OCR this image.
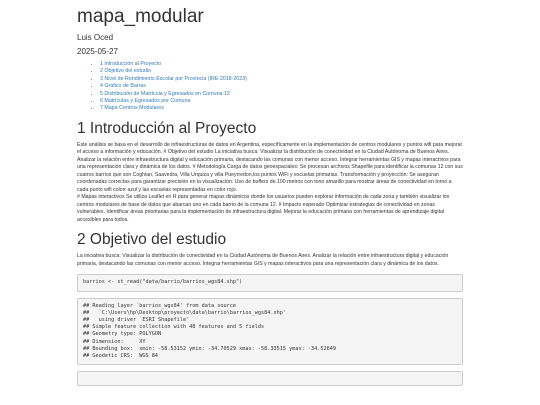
mapa_modular
Luis Oced
2025-05-27
• 1 Introducción al Proyecto
• 2 Objetivo del estudio
• 3 Nivel de Rendimiento Escolar por Provincia (IRE 2018-2023)
• 4 Gráfico de Barras
• 5 Distribución de Matrícula y Egresados en Comuna 12
• 6 Matrículas y Egresados por Comuna
• 7 Mapa Centros Modulares
1 Introducción al Proyecto

Este análisis se basa en el desarrollo de infraestructuras de datos en Argentina, específicamente en la implementación de centros modulares y puntos wifi para mejorar el acceso a información y educación. # Objetivo del estudio La iniciativa busca: Visualizar la distribución de conectividad en la Ciudad Autónoma de Buenos Aires. Analizar la relación entre infraestructura digital y educación primaria, destacando las comunas con menor acceso. Integrar herramientas GIS y mapas interactivos para una representación clara y dinámica de los datos. # Metodología Carga de datos geoespaciales: Se procesan archivos Shapefile para identificar la comunas 12 con sus cuatros barrios que son Coghlan, Saavedra, Villa Urquiza y villa Pueyrredon,los puntos WiFi y escuelas primarias. Transformación y proyección: Se aseguran coordenadas correctas para garantizar precisión en la visualización. Uso de buffers de 100 metros con tono amarillo para mostrar áreas de conectividad en torno a cada punto wifi colorr azul y las escuelas representadas en color rojo.

# Mapas interactivos Se utiliza Leaflet en R para generar mapas dinámicos donde los usuarios pueden explorar información de cada zona y también visualizar los centros modulares de base de datos que abarcan uno en cada barrio de la comuna 12. # Impacto esperado Optimizar estrategias de conectividad en zonas vulnerables. Identificar áreas prioritarias para la implementación de infraestructura digital. Mejorar la educación primaria con herramientas de aprendizaje digital accesibles para todos.

2 Objetivo del estudio

La iniciativa busca: Visualizar la distribución de conectividad en la Ciudad Autónoma de Buenos Aires. Analizar la relación entre infraestructura digital y educación primaria, destacando las comunas con menor acceso. Integrar herramientas GIS y mapas interactivos para una representación clara y dinámica de los datos.

barrios <- st_read("data/barrio/barrios_wgs84.shp")
## Reading layer `barrios_wgs84' from data source
##   `C:\Users\hp\Desktop\proyecto\data\barrio\barrios_wgs84.shp'
##   using driver `ESRI Shapefile'
## Simple feature collection with 48 features and 5 fields
## Geometry type: POLYGON
## Dimension:     XY
## Bounding box:  xmin: -58.53152 ymin: -34.70529 xmax: -58.33515 ymax: -34.52649
## Geodetic CRS:  WGS 84
